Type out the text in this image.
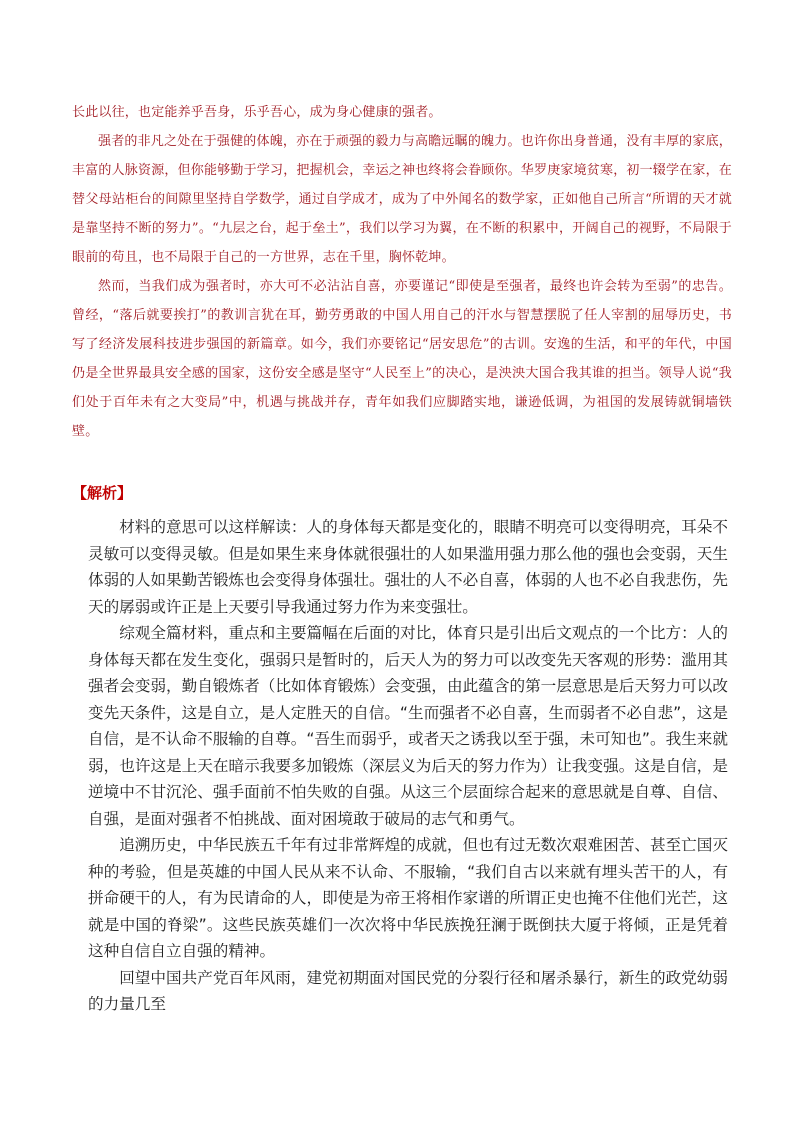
长此以往，也定能养乎吾身，乐乎吾心，成为身心健康的强者。

强者的非凡之处在于强健的体魄，亦在于顽强的毅力与高瞻远瞩的魄力。也许你出身普通，没有丰厚的家底，丰富的人脉资源，但你能够勤于学习，把握机会，幸运之神也终将会眷顾你。华罗庚家境贫寒，初一辍学在家，在替父母站柜台的间隙里坚持自学数学，通过自学成才，成为了中外闻名的数学家，正如他自己所言“所谓的天才就是靠坚持不断的努力”。“九层之台，起于垒土”，我们以学习为翼，在不断的积累中，开阔自己的视野，不局限于眼前的苟且，也不局限于自己的一方世界，志在千里，胸怀乾坤。

然而，当我们成为强者时，亦大可不必沾沾自喜，亦要谨记“即使是至强者，最终也许会转为至弱”的忠告。曾经，“落后就要挨打”的教训言犹在耳，勤劳勇敢的中国人用自己的汗水与智慧摆脱了任人宰割的屈辱历史，书写了经济发展科技进步强国的新篇章。如今，我们亦要铭记“居安思危”的古训。安逸的生活，和平的年代，中国仍是全世界最具安全感的国家，这份安全感是坚守“人民至上”的决心，是泱泱大国合我其谁的担当。领导人说“我们处于百年未有之大变局”中，机遇与挑战并存，青年如我们应脚踏实地，谦逊低调，为祖国的发展铸就铜墙铁壁。

【解析】

材料的意思可以这样解读：人的身体每天都是变化的，眼睛不明亮可以变得明亮，耳朵不灵敏可以变得灵敏。但是如果生来身体就很强壮的人如果滥用强力那么他的强也会变弱，天生体弱的人如果勤苦锻炼也会变得身体强壮。强壮的人不必自喜，体弱的人也不必自我悲伤，先天的孱弱或许正是上天要引导我通过努力作为来变强壮。

综观全篇材料，重点和主要篇幅在后面的对比，体育只是引出后文观点的一个比方：人的身体每天都在发生变化，强弱只是暂时的，后天人为的努力可以改变先天客观的形势：滥用其强者会变弱，勤自锻炼者（比如体育锻炼）会变强，由此蕴含的第一层意思是后天努力可以改变先天条件，这是自立，是人定胜天的自信。“生而强者不必自喜，生而弱者不必自悲”，这是自信，是不认命不服输的自尊。“吾生而弱乎，或者天之诱我以至于强，未可知也”。我生来就弱，也许这是上天在暗示我要多加锻炼（深层义为后天的努力作为）让我变强。这是自信，是逆境中不甘沉沦、强手面前不怕失败的自强。从这三个层面综合起来的意思就是自尊、自信、自强，是面对强者不怕挑战、面对困境敢于破局的志气和勇气。

追溯历史，中华民族五千年有过非常辉煌的成就，但也有过无数次艰难困苦、甚至亡国灭种的考验，但是英雄的中国人民从来不认命、不服输，“我们自古以来就有埋头苦干的人，有拼命硬干的人，有为民请命的人，即使是为帝王将相作家谱的所谓正史也掩不住他们光芒，这就是中国的脊梁”。这些民族英雄们一次次将中华民族挽狂澜于既倒扶大厦于将倾，正是凭着这种自信自立自强的精神。

回望中国共产党百年风雨，建党初期面对国民党的分裂行径和屠杀暴行，新生的政党幼弱的力量几至
